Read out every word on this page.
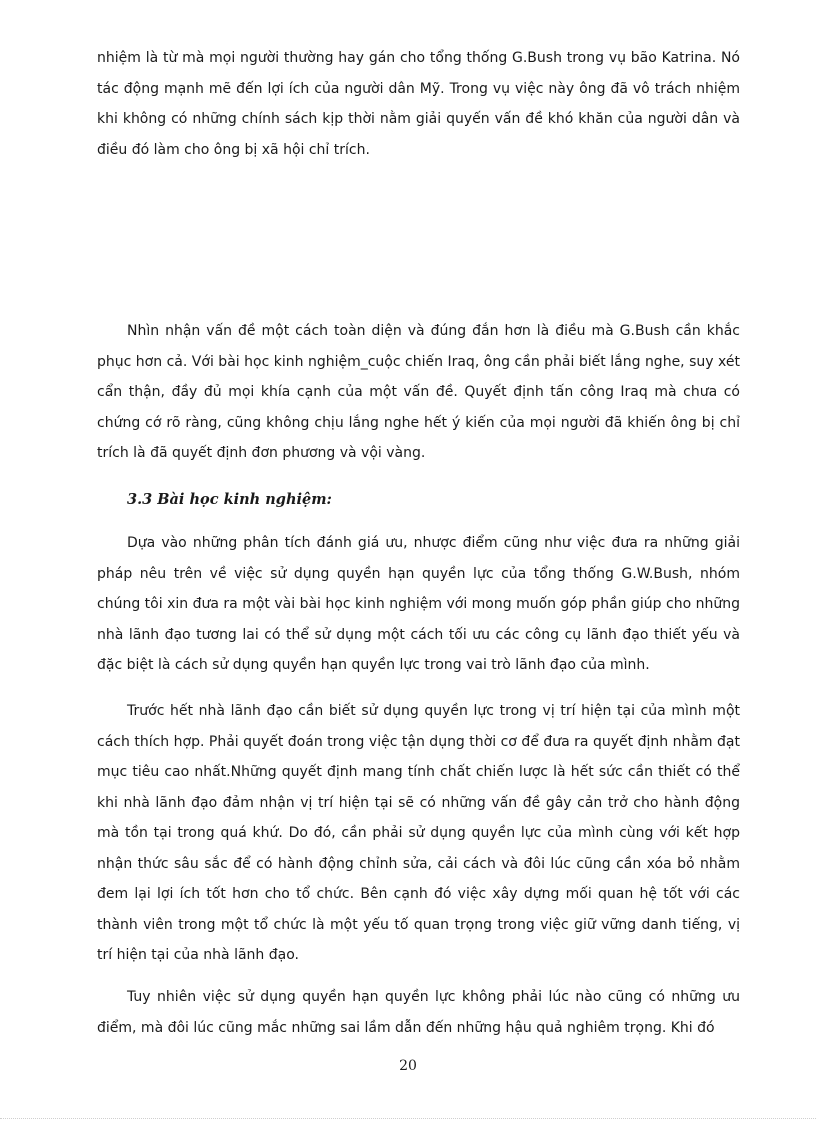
nhiệm là từ mà mọi người thường hay gán cho tổng thống G.Bush trong vụ bão Katrina. Nó tác động mạnh mẽ đến lợi ích của người dân Mỹ. Trong vụ việc này ông đã vô trách nhiệm khi không có những chính sách kịp thời nằm giải quyến vấn đề khó khăn của người dân và điều đó làm cho ông bị xã hội chỉ trích.

Nhìn nhận vấn đề một cách toàn diện và đúng đắn hơn là điều mà G.Bush cần khắc phục hơn cả. Với bài học kinh nghiệm_cuộc chiến Iraq, ông cần phải biết lắng nghe, suy xét cẩn thận, đầy đủ mọi khía cạnh của một vấn đề. Quyết định tấn công Iraq mà chưa có chứng cớ rõ ràng, cũng không chịu lắng nghe hết ý kiến của mọi người đã khiến ông bị chỉ trích là đã quyết định đơn phương và vội vàng.

3.3 Bài học kinh nghiệm:

Dựa vào những phân tích đánh giá ưu, nhược điểm cũng như việc đưa ra những giải pháp nêu trên về việc sử dụng quyền hạn quyền lực của tổng thống G.W.Bush, nhóm chúng tôi xin đưa ra một vài bài học kinh nghiệm với mong muốn góp phần giúp cho những nhà lãnh đạo tương lai có thể sử dụng một cách tối ưu các công cụ lãnh đạo thiết yếu và đặc biệt là cách sử dụng quyền hạn quyền lực trong vai trò lãnh đạo của mình.

Trước hết nhà lãnh đạo cần biết sử dụng quyền lực trong vị trí hiện tại của mình một cách thích hợp. Phải quyết đoán trong việc tận dụng thời cơ để đưa ra quyết định nhằm đạt mục tiêu cao nhất.Những quyết định mang tính chất chiến lược là hết sức cần thiết có thể khi nhà lãnh đạo đảm nhận vị trí hiện tại sẽ có những vấn đề gây cản trở cho hành động mà tồn tại trong quá khứ. Do đó, cần phải sử dụng quyền lực của mình cùng với kết hợp nhận thức sâu sắc để có hành động chỉnh sửa, cải cách và đôi lúc cũng cần xóa bỏ nhằm đem lại lợi ích tốt hơn cho tổ chức. Bên cạnh đó việc xây dựng mối quan hệ tốt với các thành viên trong một tổ chức là một yếu tố quan trọng trong việc giữ vững danh tiếng, vị trí hiện tại của nhà lãnh đạo.

Tuy nhiên việc sử dụng quyền hạn quyền lực không phải lúc nào cũng có những ưu điểm, mà đôi lúc cũng mắc những sai lầm dẫn đến những hậu quả nghiêm trọng. Khi đó

20
